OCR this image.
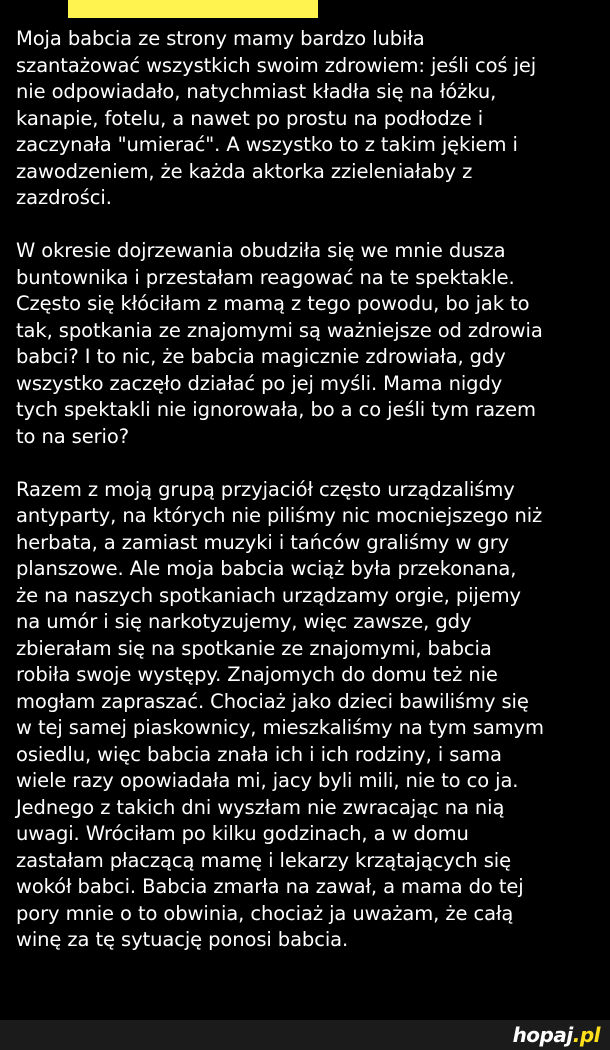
Moja babcia ze strony mamy bardzo lubiła
szantażować wszystkich swoim zdrowiem: jeśli coś jej
nie odpowiadało, natychmiast kładła się na łóżku,
kanapie, fotelu, a nawet po prostu na podłodze i
zaczynała "umierać". A wszystko to z takim jękiem i
zawodzeniem, że każda aktorka zzieleniałaby z
zazdrości.
W okresie dojrzewania obudziła się we mnie dusza
buntownika i przestałam reagować na te spektakle.
Często się kłóciłam z mamą z tego powodu, bo jak to
tak, spotkania ze znajomymi są ważniejsze od zdrowia
babci? I to nic, że babcia magicznie zdrowiała, gdy
wszystko zaczęło działać po jej myśli. Mama nigdy
tych spektakli nie ignorowała, bo a co jeśli tym razem
to na serio?
Razem z moją grupą przyjaciół często urządzaliśmy
antyparty, na których nie piliśmy nic mocniejszego niż
herbata, a zamiast muzyki i tańców graliśmy w gry
planszowe. Ale moja babcia wciąż była przekonana,
że na naszych spotkaniach urządzamy orgie, pijemy
na umór i się narkotyzujemy, więc zawsze, gdy
zbierałam się na spotkanie ze znajomymi, babcia
robiła swoje występy. Znajomych do domu też nie
mogłam zapraszać. Chociaż jako dzieci bawiliśmy się
w tej samej piaskownicy, mieszkaliśmy na tym samym
osiedlu, więc babcia znała ich i ich rodziny, i sama
wiele razy opowiadała mi, jacy byli mili, nie to co ja.
Jednego z takich dni wyszłam nie zwracając na nią
uwagi. Wróciłam po kilku godzinach, a w domu
zastałam płaczącą mamę i lekarzy krzątających się
wokół babci. Babcia zmarła na zawał, a mama do tej
pory mnie o to obwinia, chociaż ja uważam, że całą
winę za tę sytuację ponosi babcia.
hopaj.pl
